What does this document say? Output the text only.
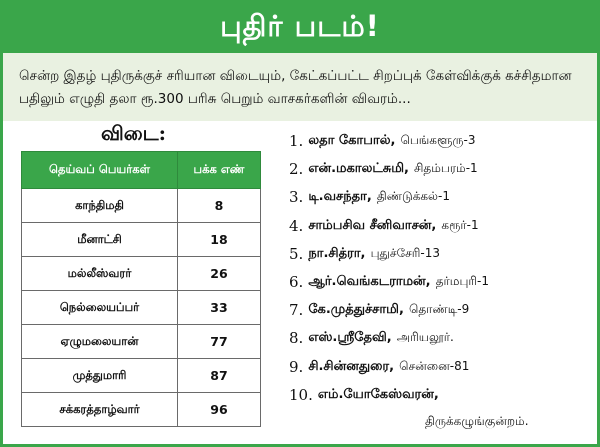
புதிர் படம்!
சென்ற இதழ் புதிருக்குச் சரியான விடையும், கேட்கப்பட்ட சிறப்புக் கேள்விக்குக் கச்சிதமான பதிலும் எழுதி தலா ரூ.300 பரிசு பெறும் வாசகர்களின் விவரம்...
விடை:
தெய்வப் பெயர்கள்	பக்க எண்
காந்திமதி	8
மீனாட்சி	18
மல்லீஸ்வரர்	26
நெல்லையப்பர்	33
ஏழுமலையான்	77
முத்துமாரி	87
சக்கரத்தாழ்வார்	96
1. லதா கோபால்,
பெங்களூரு-3
2. என்.மகாலட்சுமி,
சிதம்பரம்-1
3. டி.வசந்தா,
திண்டுக்கல்-1
4. சாம்பசிவ சீனிவாசன்,
கரூர்-1
5. நா.சித்ரா,
புதுச்சேரி-13
6. ஆர்.வெங்கடராமன்,
தர்மபுரி-1
7. கே.முத்துச்சாமி,
தொண்டி-9
8. எஸ்.ஸ்ரீதேவி,
அரியலூர்.
9. சி.சின்னதுரை,
சென்னை-81
10. எம்.யோகேஸ்வரன்,
திருக்கழுங்குன்றம்.
